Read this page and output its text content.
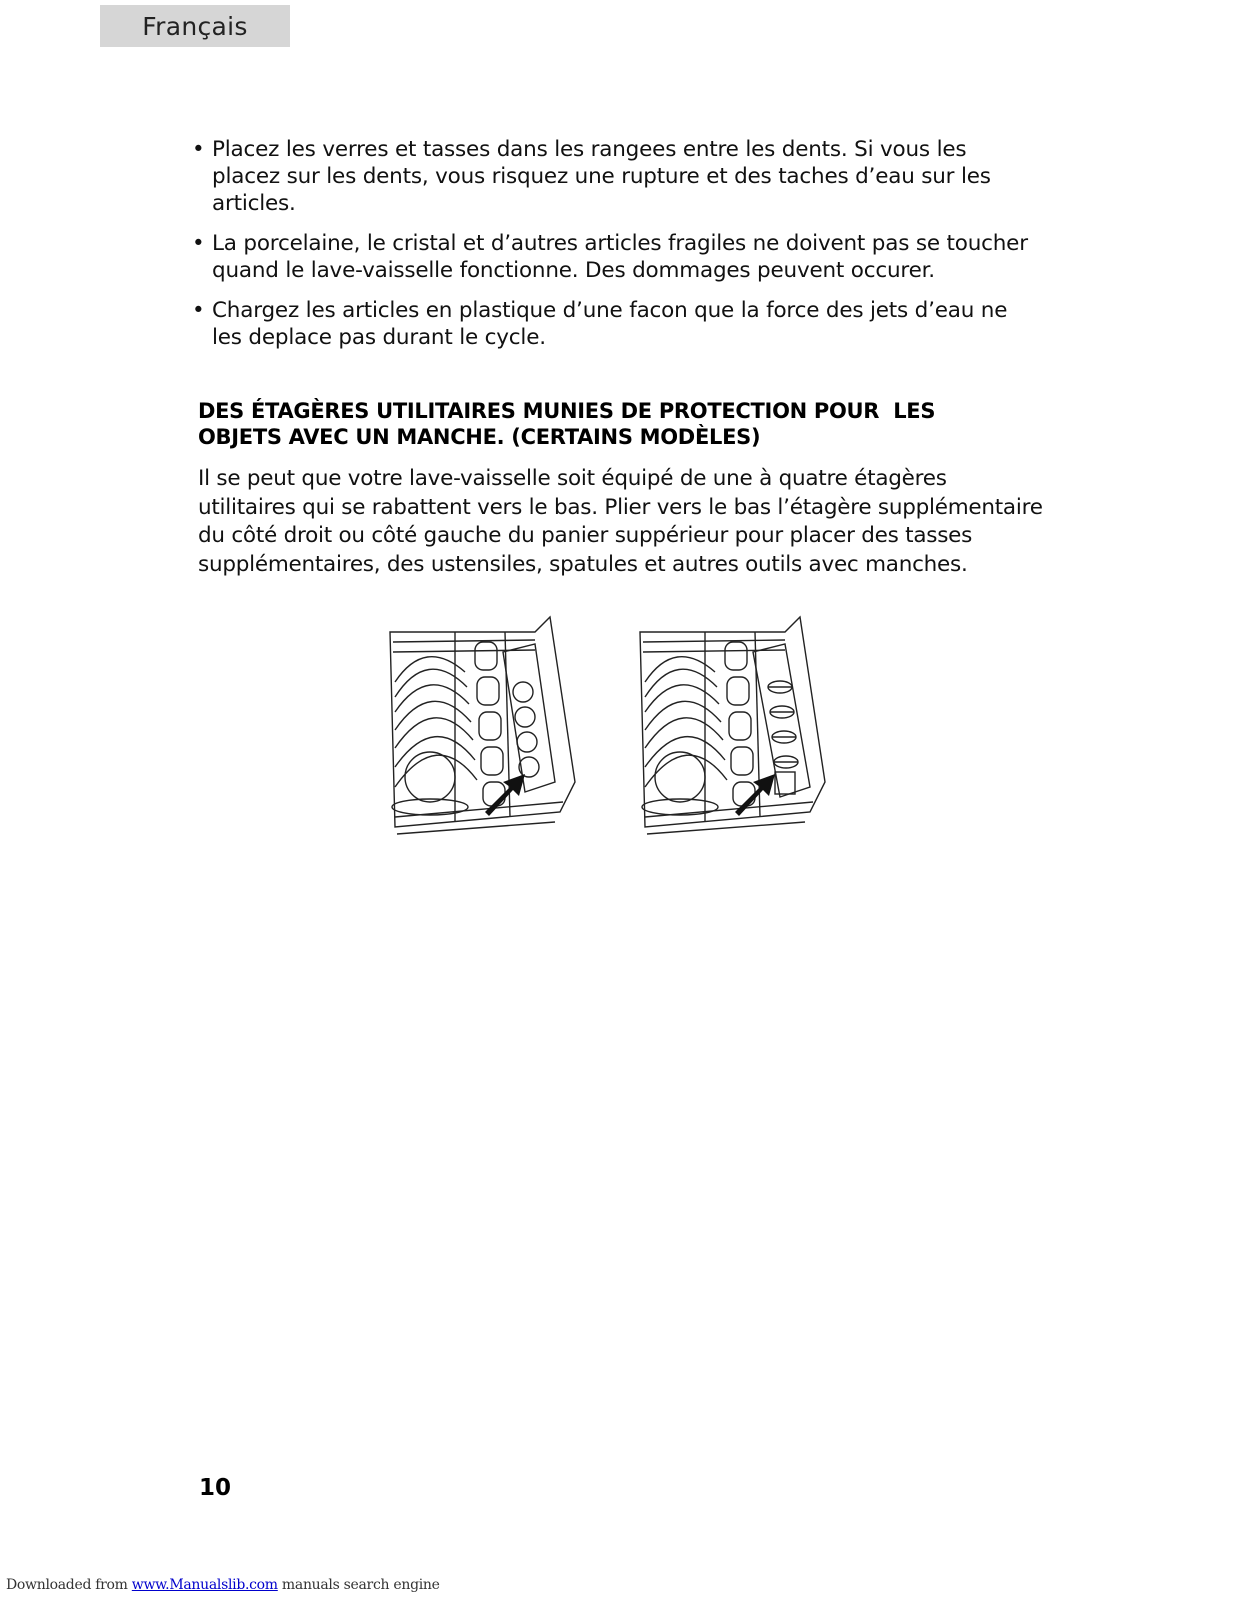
Français
• Placez les verres et tasses dans les rangees entre les dents. Si vous les placez sur les dents, vous risquez une rupture et des taches d’eau sur les articles.
• La porcelaine, le cristal et d’autres articles fragiles ne doivent pas se toucher quand le lave-vaisselle fonctionne. Des dommages peuvent occurer.
• Chargez les articles en plastique d’une facon que la force des jets d’eau ne les deplace pas durant le cycle.
DES ÉTAGÈRES UTILITAIRES MUNIES DE PROTECTION POUR  LES
OBJETS AVEC UN MANCHE. (CERTAINS MODÈLES)

Il se peut que votre lave-vaisselle soit équipé de une à quatre étagères utilitaires qui se rabattent vers le bas. Plier vers le bas l’étagère supplémentaire du côté droit ou côté gauche du panier suppérieur pour placer des tasses supplémentaires, des ustensiles, spatules et autres outils avec manches.

10
Downloaded from www.Manualslib.com manuals search engine
